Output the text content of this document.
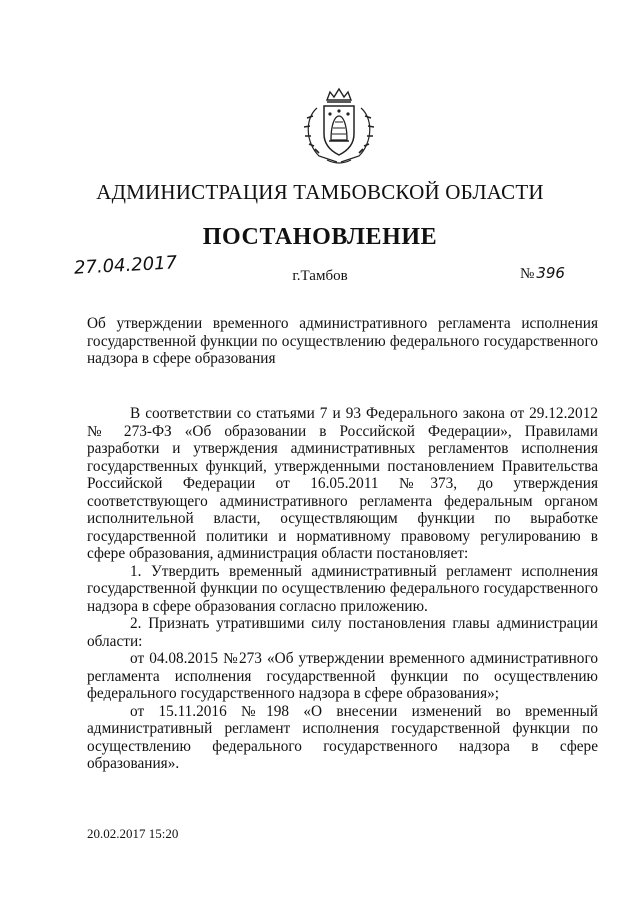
АДМИНИСТРАЦИЯ ТАМБОВСКОЙ ОБЛАСТИ
ПОСТАНОВЛЕНИЕ
27.04.2017	г.Тамбов	№ 396
Об утверждении временного административного регламента исполнения государственной функции по осуществлению федерального государственного надзора в сфере образования

В соответствии со статьями 7 и 93 Федерального закона от 29.12.2012 № 273-ФЗ «Об образовании в Российской Федерации», Правилами разработки и утверждения административных регламентов исполнения государственных функций, утвержденными постановлением Правительства Российской Федерации от 16.05.2011 №373, до утверждения соответствующего административного регламента федеральным органом исполнительной власти, осуществляющим функции по выработке государственной политики и нормативному правовому регулированию в сфере образования, администрация области постановляет:

1. Утвердить временный административный регламент исполнения государственной функции по осуществлению федерального государственного надзора в сфере образования согласно приложению.

2. Признать утратившими силу постановления главы администрации области:

от 04.08.2015 №273 «Об утверждении временного административного регламента исполнения государственной функции по осуществлению федерального государственного надзора в сфере образования»;

от 15.11.2016 №198 «О внесении изменений во временный административный регламент исполнения государственной функции по осуществлению федерального государственного надзора в сфере образования».

20.02.2017 15:20
